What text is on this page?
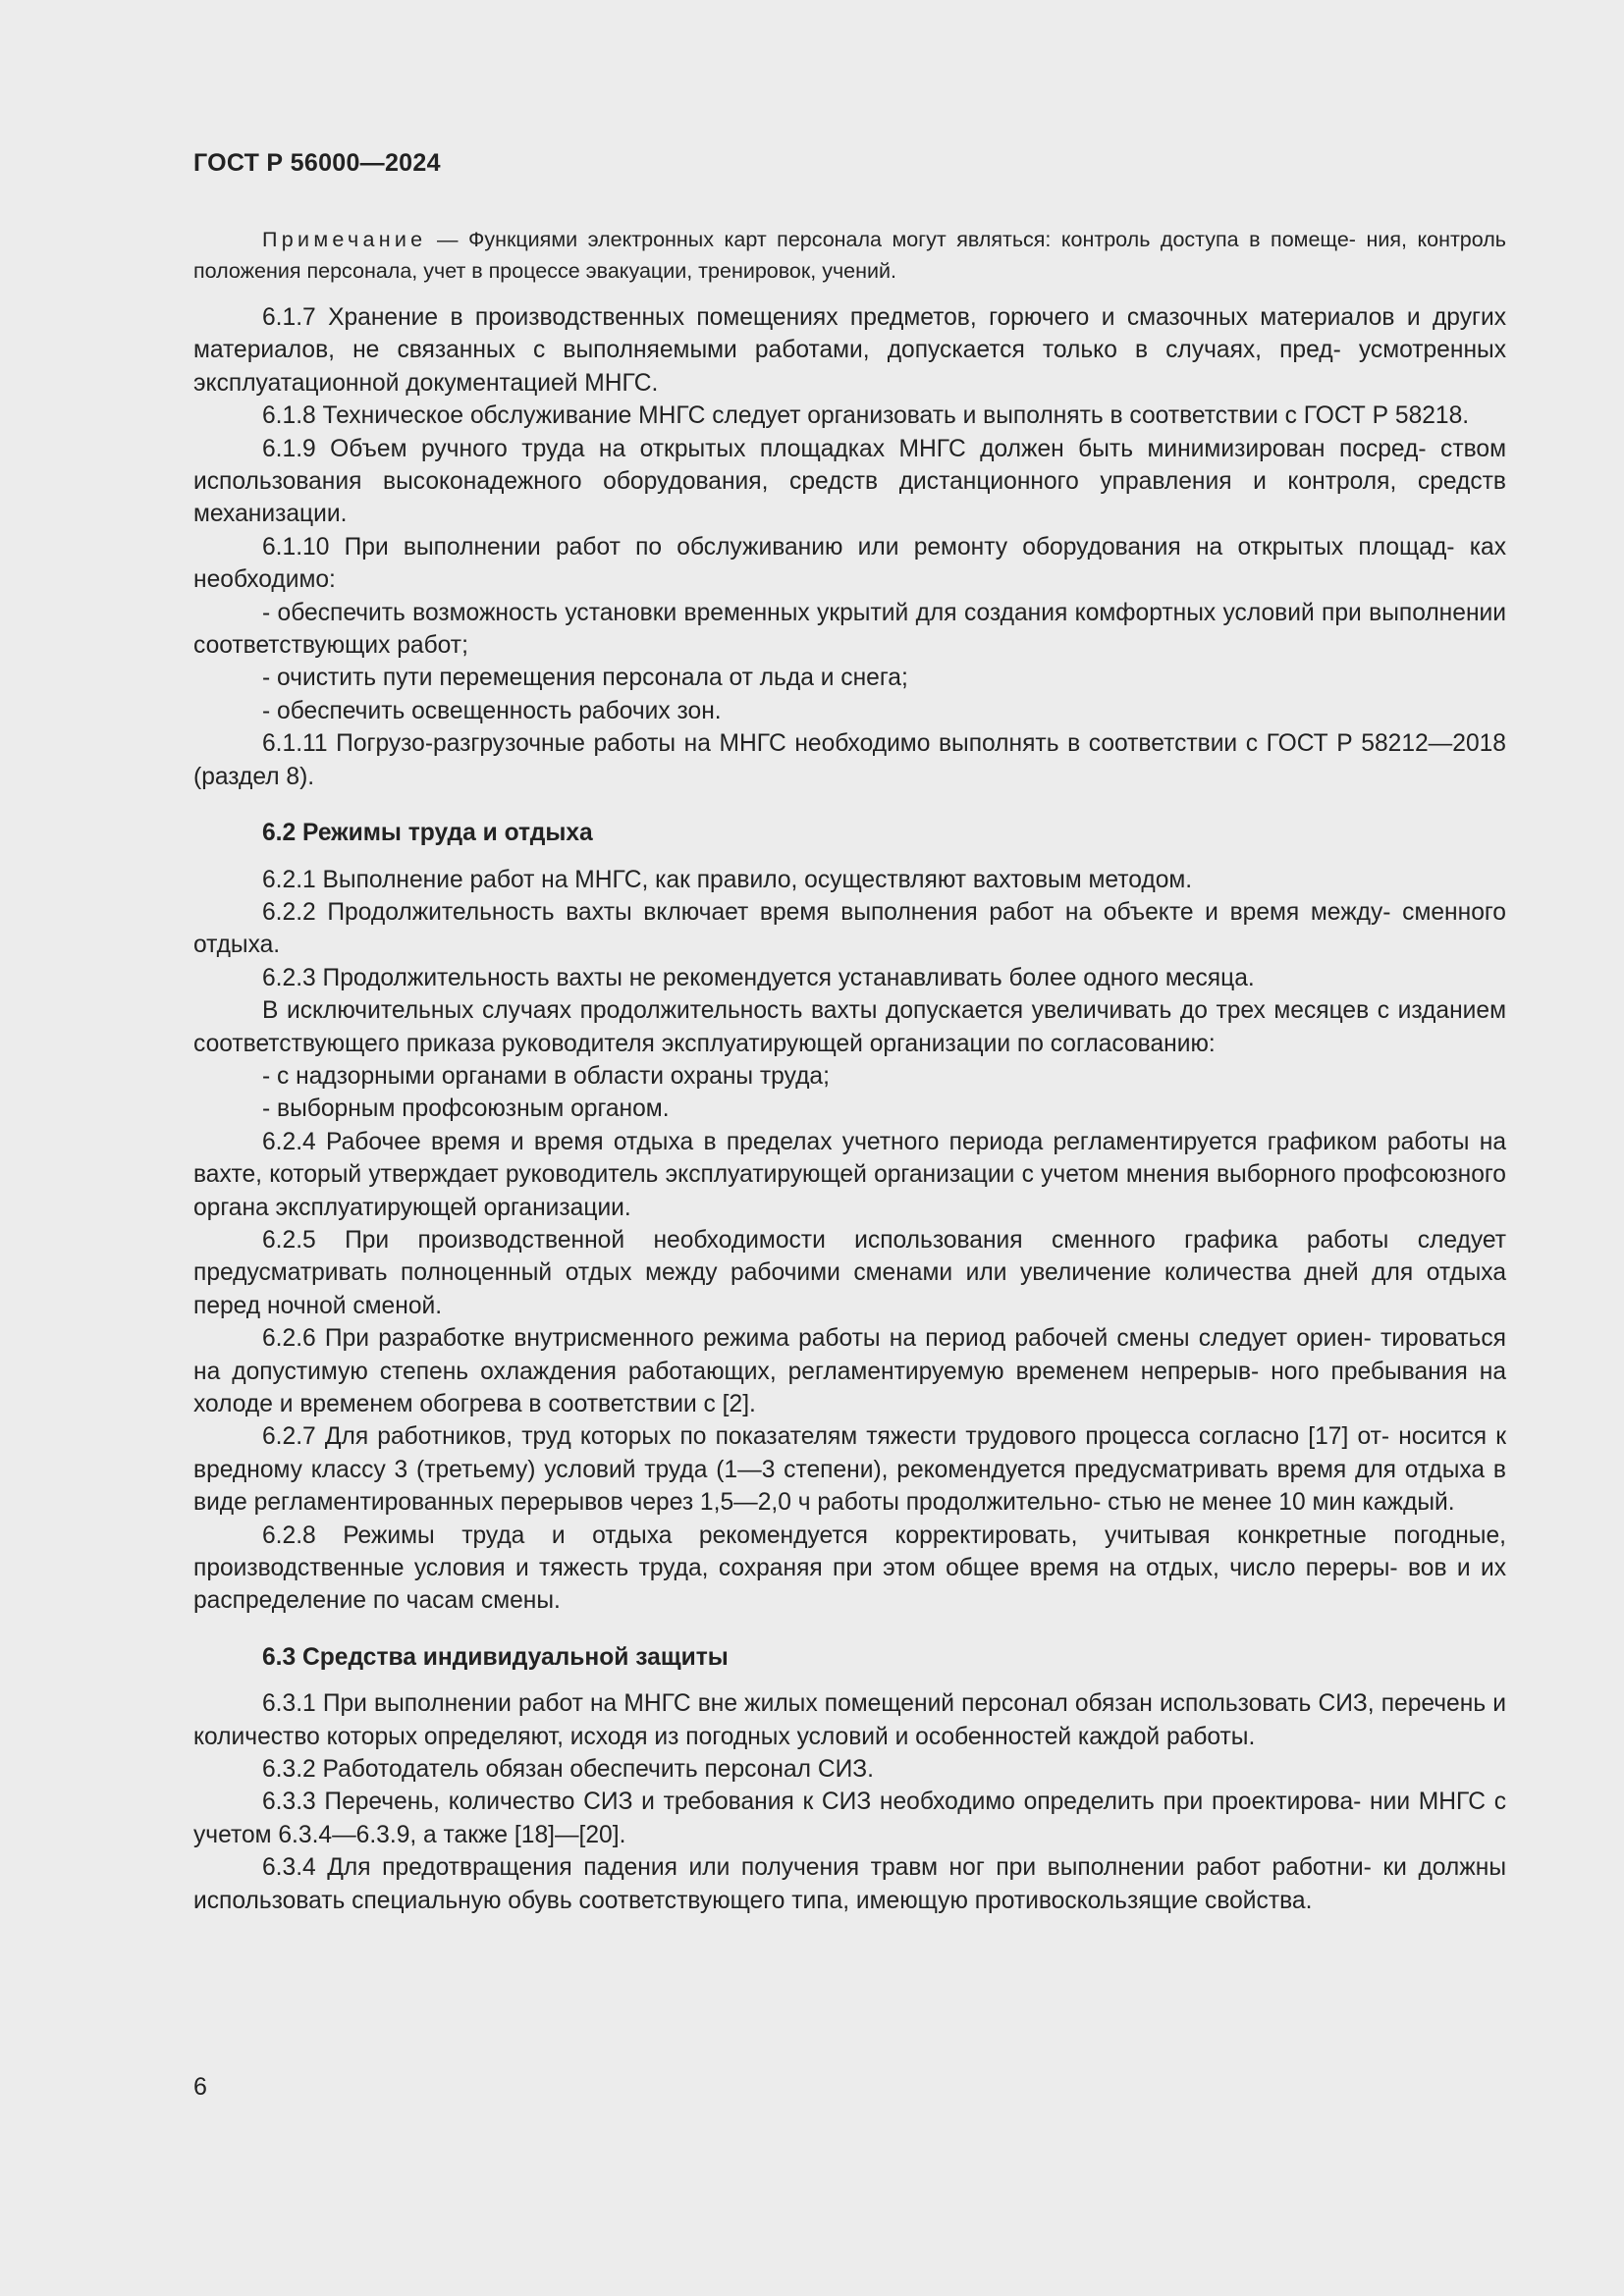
ГОСТ Р 56000—2024

Примечание — Функциями электронных карт персонала могут являться: контроль доступа в помеще- ния, контроль положения персонала, учет в процессе эвакуации, тренировок, учений.

6.1.7 Хранение в производственных помещениях предметов, горючего и смазочных материалов и других материалов, не связанных с выполняемыми работами, допускается только в случаях, пред- усмотренных эксплуатационной документацией МНГС.

6.1.8 Техническое обслуживание МНГС следует организовать и выполнять в соответствии с ГОСТ Р 58218.

6.1.9 Объем ручного труда на открытых площадках МНГС должен быть минимизирован посред- ством использования высоконадежного оборудования, средств дистанционного управления и контроля, средств механизации.

6.1.10 При выполнении работ по обслуживанию или ремонту оборудования на открытых площад- ках необходимо:

- обеспечить возможность установки временных укрытий для создания комфортных условий при выполнении соответствующих работ;

- очистить пути перемещения персонала от льда и снега;

- обеспечить освещенность рабочих зон.

6.1.11 Погрузо-разгрузочные работы на МНГС необходимо выполнять в соответствии с ГОСТ Р 58212—2018 (раздел 8).

6.2 Режимы труда и отдыха

6.2.1 Выполнение работ на МНГС, как правило, осуществляют вахтовым методом.

6.2.2 Продолжительность вахты включает время выполнения работ на объекте и время между- сменного отдыха.

6.2.3 Продолжительность вахты не рекомендуется устанавливать более одного месяца.

В исключительных случаях продолжительность вахты допускается увеличивать до трех месяцев с изданием соответствующего приказа руководителя эксплуатирующей организации по согласованию:

- с надзорными органами в области охраны труда;

- выборным профсоюзным органом.

6.2.4 Рабочее время и время отдыха в пределах учетного периода регламентируется графиком работы на вахте, который утверждает руководитель эксплуатирующей организации с учетом мнения выборного профсоюзного органа эксплуатирующей организации.

6.2.5 При производственной необходимости использования сменного графика работы следует предусматривать полноценный отдых между рабочими сменами или увеличение количества дней для отдыха перед ночной сменой.

6.2.6 При разработке внутрисменного режима работы на период рабочей смены следует ориен- тироваться на допустимую степень охлаждения работающих, регламентируемую временем непрерыв- ного пребывания на холоде и временем обогрева в соответствии с [2].

6.2.7 Для работников, труд которых по показателям тяжести трудового процесса согласно [17] от- носится к вредному классу 3 (третьему) условий труда (1—3 степени), рекомендуется предусматривать время для отдыха в виде регламентированных перерывов через 1,5—2,0 ч работы продолжительно- стью не менее 10 мин каждый.

6.2.8 Режимы труда и отдыха рекомендуется корректировать, учитывая конкретные погодные, производственные условия и тяжесть труда, сохраняя при этом общее время на отдых, число переры- вов и их распределение по часам смены.

6.3 Средства индивидуальной защиты

6.3.1 При выполнении работ на МНГС вне жилых помещений персонал обязан использовать СИЗ, перечень и количество которых определяют, исходя из погодных условий и особенностей каждой работы.

6.3.2 Работодатель обязан обеспечить персонал СИЗ.

6.3.3 Перечень, количество СИЗ и требования к СИЗ необходимо определить при проектирова- нии МНГС с учетом 6.3.4—6.3.9, а также [18]—[20].

6.3.4 Для предотвращения падения или получения травм ног при выполнении работ работни- ки должны использовать специальную обувь соответствующего типа, имеющую противоскользящие свойства.

6
